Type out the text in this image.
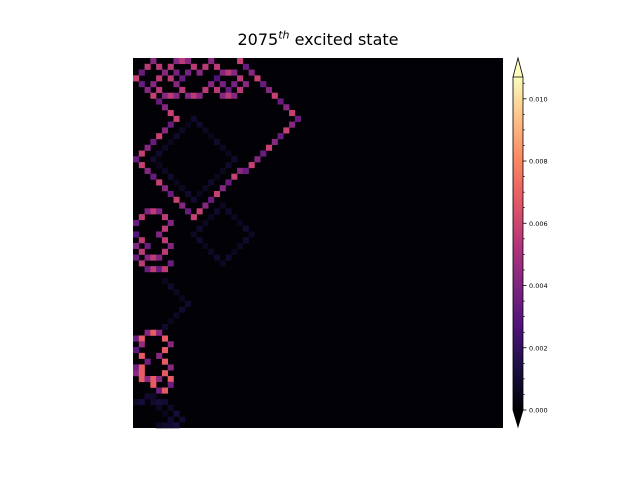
2075th excited state
0.000
0.002
0.004
0.006
0.008
0.010
